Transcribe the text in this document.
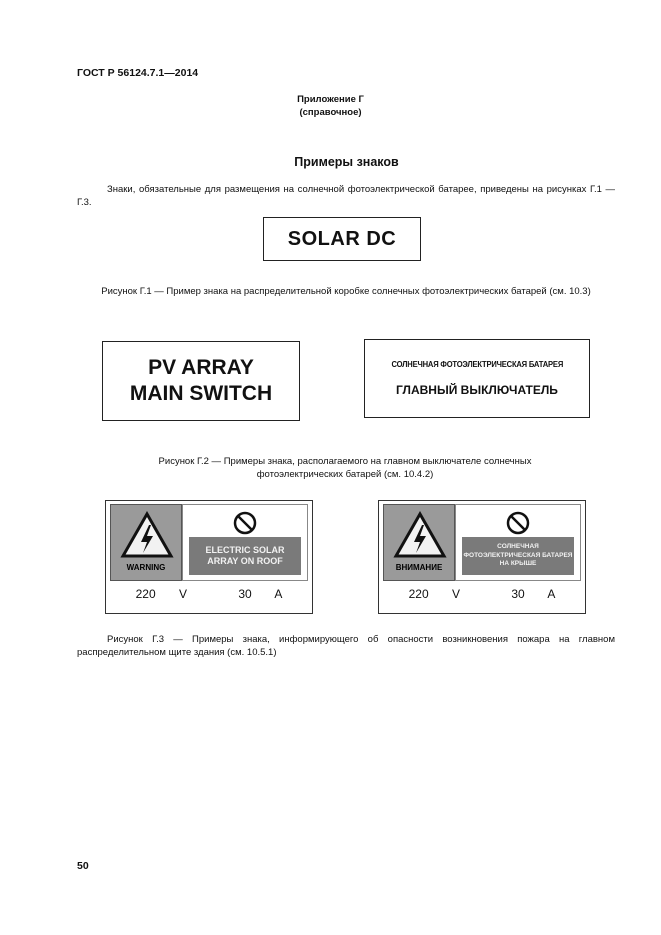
ГОСТ Р 56124.7.1—2014
Приложение Г
(справочное)
Примеры знаков
Знаки, обязательные для размещения на солнечной фотоэлектрической батарее, приведены на рисунках Г.1 — Г.3.
SOLAR DC
Рисунок Г.1 — Пример знака на распределительной коробке солнечных фотоэлектрических батарей (см. 10.3)
PV ARRAY
MAIN SWITCH
СОЛНЕЧНАЯ ФОТОЭЛЕКТРИЧЕСКАЯ БАТАРЕЯ
ГЛАВНЫЙ ВЫКЛЮЧАТЕЛЬ
Рисунок Г.2 — Примеры знака, располагаемого на главном выключателе солнечных
фотоэлектрических батарей (см. 10.4.2)
WARNING
ELECTRIC SOLAR
ARRAY ON ROOF
220 V	30 A
ВНИМАНИЕ
СОЛНЕЧНАЯ
ФОТОЭЛЕКТРИЧЕСКАЯ БАТАРЕЯ
НА КРЫШЕ
220 V	30 A
Рисунок Г.3 — Примеры знака, информирующего об опасности возникновения пожара на главном распределительном щите здания (см. 10.5.1)
50
